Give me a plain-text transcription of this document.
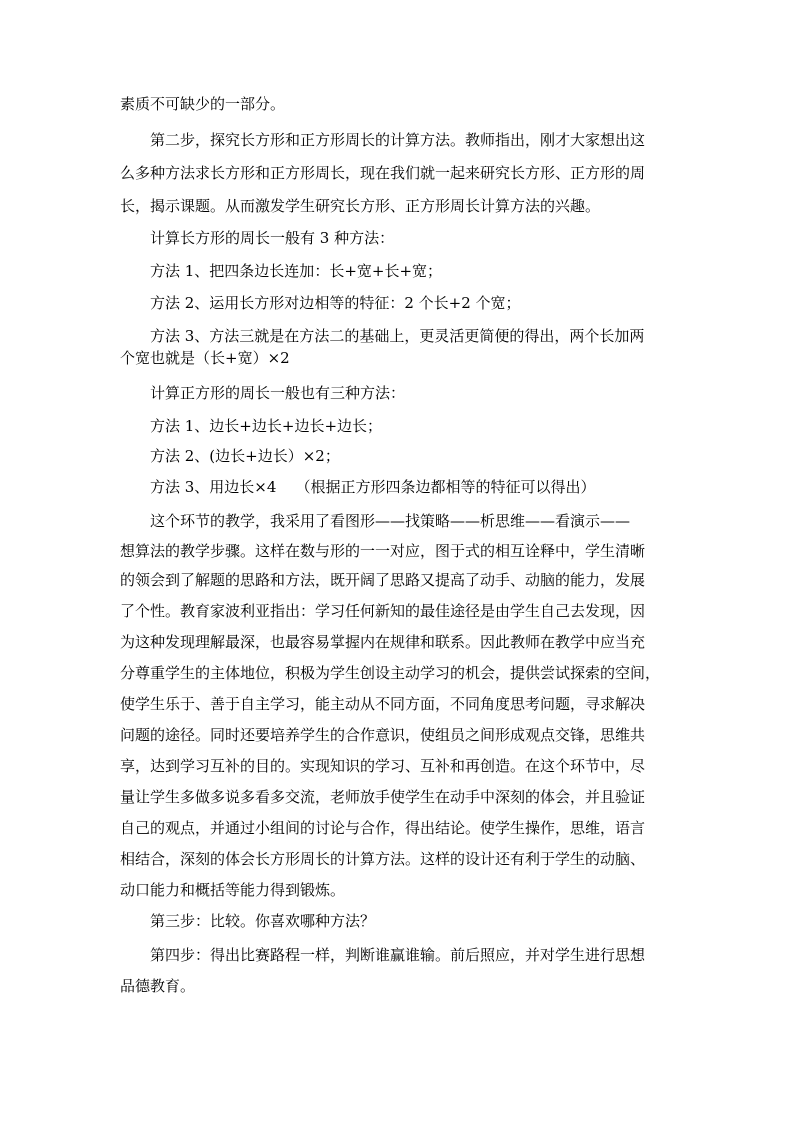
素质不可缺少的一部分。

第二步，探究长方形和正方形周长的计算方法。教师指出，刚才大家想出这

么多种方法求长方形和正方形周长，现在我们就一起来研究长方形、正方形的周

长，揭示课题。从而激发学生研究长方形、正方形周长计算方法的兴趣。

计算长方形的周长一般有 3 种方法：

方法 1、把四条边长连加：长+宽+长+宽；

方法 2、运用长方形对边相等的特征：2 个长+2 个宽；

方法 3、方法三就是在方法二的基础上，更灵活更简便的得出，两个长加两

个宽也就是（长+宽）×2

计算正方形的周长一般也有三种方法：

方法 1、边长+边长+边长+边长；

方法 2、(边长+边长）×2；

方法 3、用边长×4    （根据正方形四条边都相等的特征可以得出）

这个环节的教学，我采用了看图形——找策略——析思维——看演示——

想算法的教学步骤。这样在数与形的一一对应，图于式的相互诠释中，学生清晰

的领会到了解题的思路和方法，既开阔了思路又提高了动手、动脑的能力，发展

了个性。教育家波利亚指出：学习任何新知的最佳途径是由学生自己去发现，因

为这种发现理解最深，也最容易掌握内在规律和联系。因此教师在教学中应当充

分尊重学生的主体地位，积极为学生创设主动学习的机会，提供尝试探索的空间，

使学生乐于、善于自主学习，能主动从不同方面，不同角度思考问题，寻求解决

问题的途径。同时还要培养学生的合作意识，使组员之间形成观点交锋，思维共

享，达到学习互补的目的。实现知识的学习、互补和再创造。在这个环节中，尽

量让学生多做多说多看多交流，老师放手使学生在动手中深刻的体会，并且验证

自己的观点，并通过小组间的讨论与合作，得出结论。使学生操作，思维，语言

相结合，深刻的体会长方形周长的计算方法。这样的设计还有利于学生的动脑、

动口能力和概括等能力得到锻炼。

第三步：比较。你喜欢哪种方法？

第四步：得出比赛路程一样，判断谁赢谁输。前后照应，并对学生进行思想

品德教育。
